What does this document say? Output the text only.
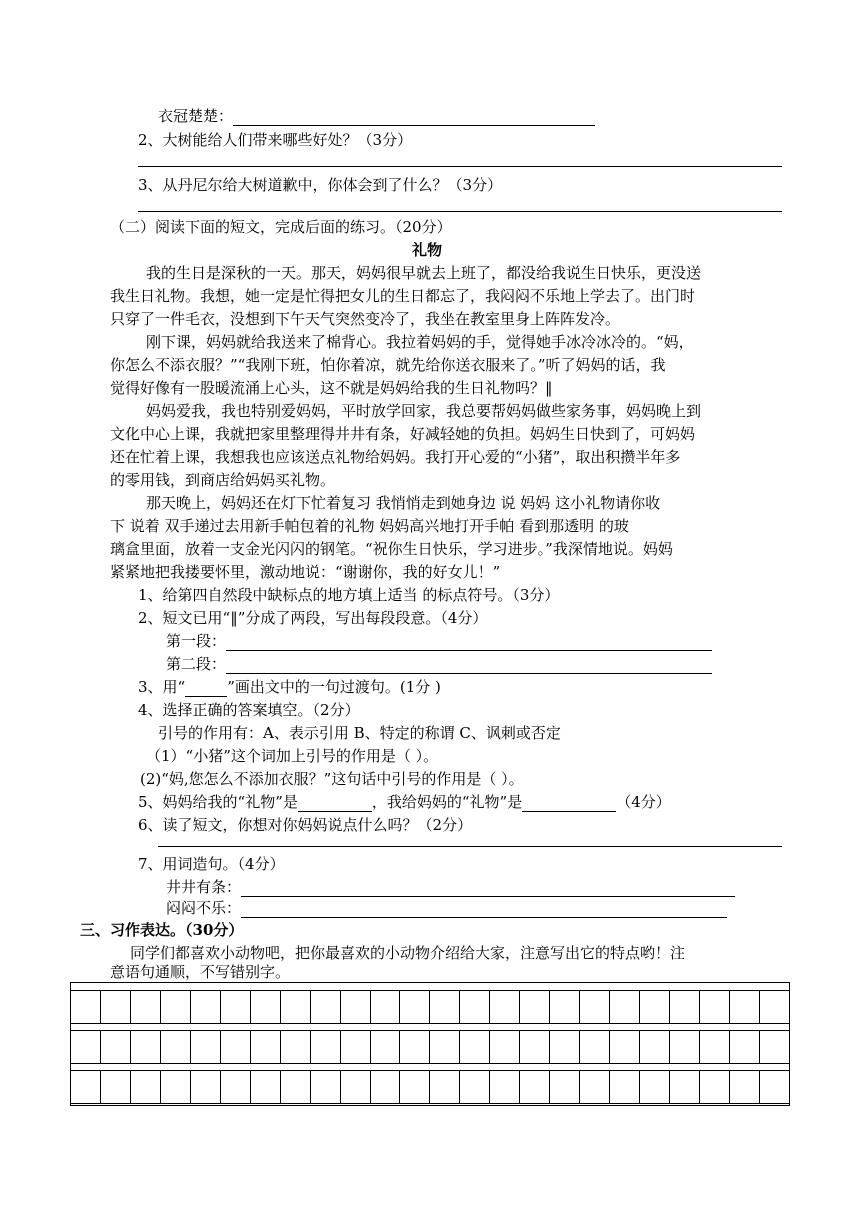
衣冠楚楚：
2、大树能给人们带来哪些好处？（3分）
3、从丹尼尔给大树道歉中，你体会到了什么？（3分）
（二）阅读下面的短文，完成后面的练习。（20分）
礼物
我的生日是深秋的一天。那天，妈妈很早就去上班了，都没给我说生日快乐，更没送
我生日礼物。我想，她一定是忙得把女儿的生日都忘了，我闷闷不乐地上学去了。出门时
只穿了一件毛衣，没想到下午天气突然变冷了，我坐在教室里身上阵阵发冷。
刚下课，妈妈就给我送来了棉背心。我拉着妈妈的手，觉得她手冰冷冰冷的。“妈，
你怎么不添衣服？”“我刚下班，怕你着凉，就先给你送衣服来了。”听了妈妈的话，我
觉得好像有一股暖流涌上心头，这不就是妈妈给我的生日礼物吗？‖
妈妈爱我，我也特别爱妈妈，平时放学回家，我总要帮妈妈做些家务事，妈妈晚上到
文化中心上课，我就把家里整理得井井有条，好减轻她的负担。妈妈生日快到了，可妈妈
还在忙着上课，我想我也应该送点礼物给妈妈。我打开心爱的“小猪”，取出积攒半年多
的零用钱，到商店给妈妈买礼物。
那天晚上，妈妈还在灯下忙着复习 我悄悄走到她身边 说 妈妈 这小礼物请你收
下 说着 双手递过去用新手帕包着的礼物 妈妈高兴地打开手帕 看到那透明 的玻
璃盒里面，放着一支金光闪闪的钢笔。“祝你生日快乐，学习进步。”我深情地说。妈妈
紧紧地把我搂要怀里，激动地说：“谢谢你，我的好女儿！”
1、给第四自然段中缺标点的地方填上适当 的标点符号。（3分）
2、短文已用“‖”分成了两段，写出每段段意。（4分）
第一段：
第二段：
3、用“	”画出文中的一句过渡句。(1分 )
4、选择正确的答案填空。（2分）
引号的作用有：A、表示引用 B、特定的称谓 C、讽刺或否定
（1）“小猪”这个词加上引号的作用是（ ）。
(2)“妈,您怎么不添加衣服？”这句话中引号的作用是（ ）。
5、妈妈给我的“礼物”是	，我给妈妈的“礼物”是	（4分）
6、读了短文，你想对你妈妈说点什么吗？（2分）
7、用词造句。（4分）
井井有条：
闷闷不乐：
三、习作表达。（30分）
同学们都喜欢小动物吧，把你最喜欢的小动物介绍给大家，注意写出它的特点哟！注
意语句通顺，不写错别字。
